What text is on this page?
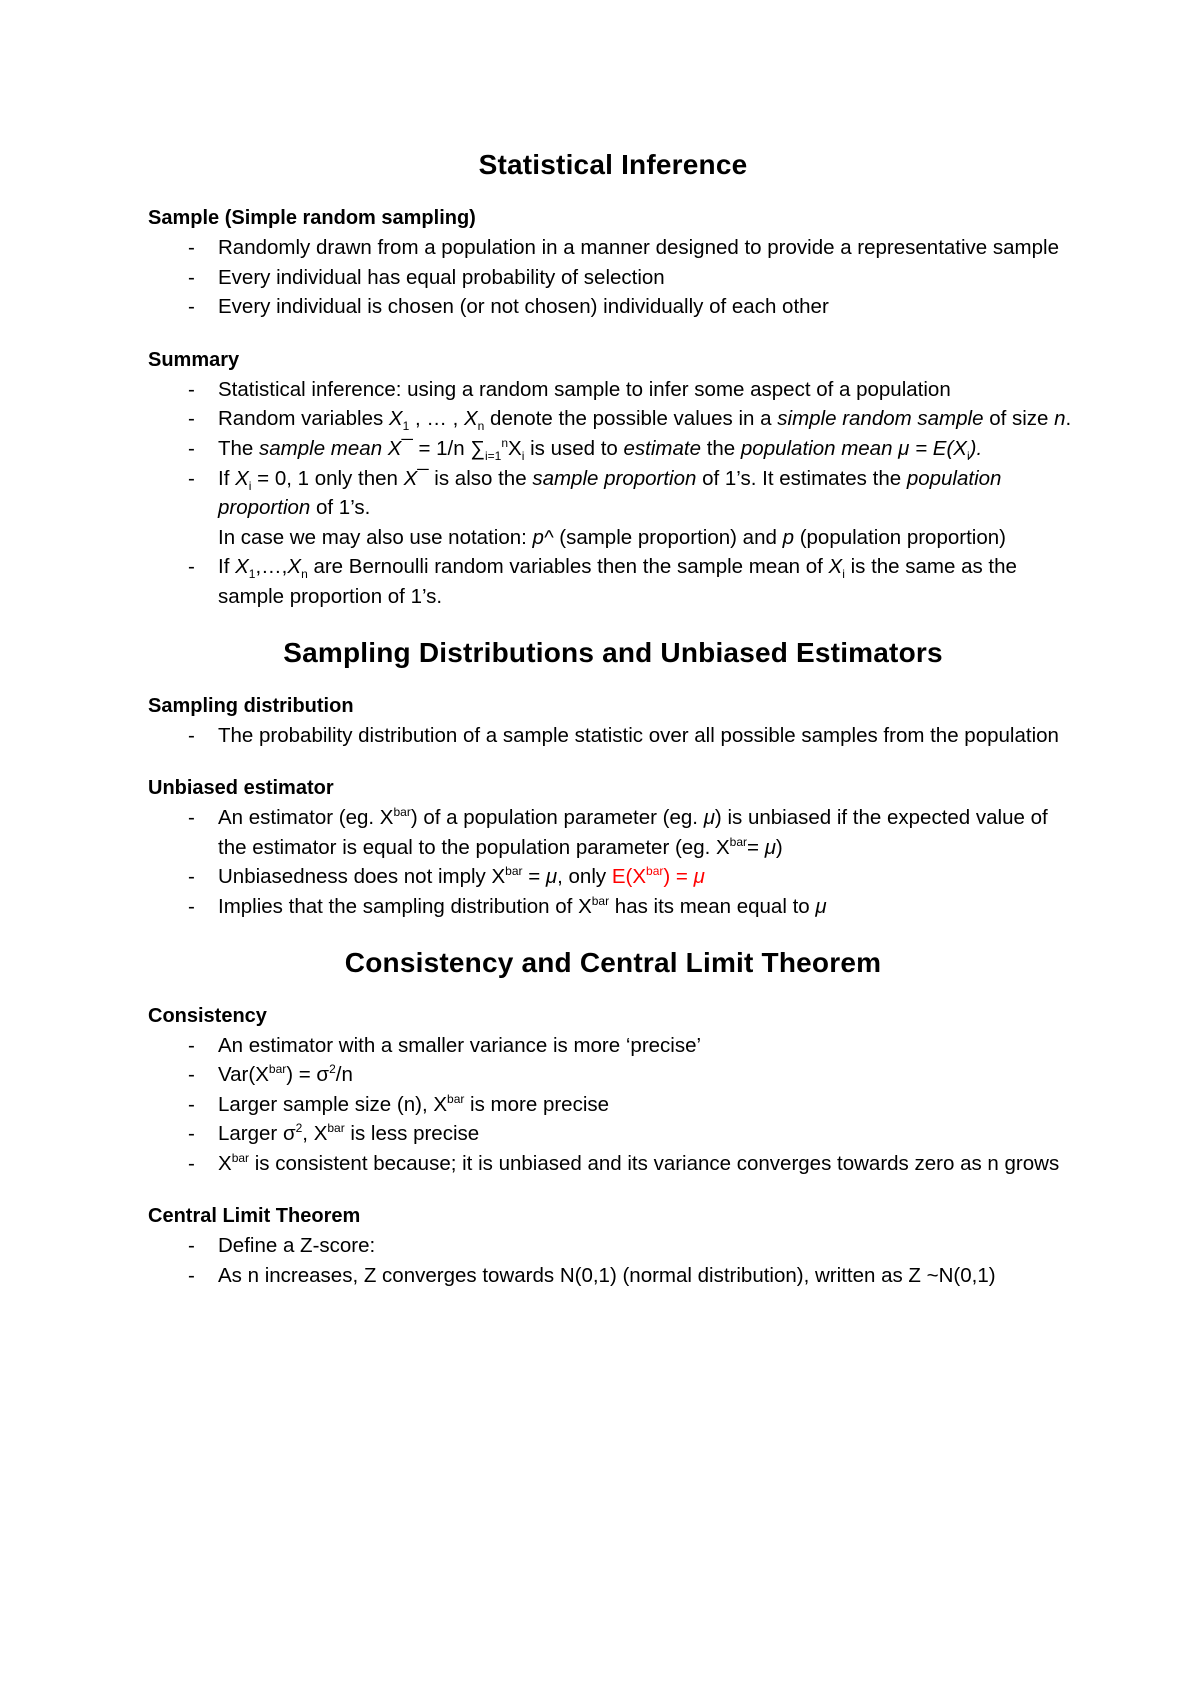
Statistical Inference
Sample (Simple random sampling)
- Randomly drawn from a population in a manner designed to provide a representative sample
- Every individual has equal probability of selection
- Every individual is chosen (or not chosen) individually of each other
Summary
- Statistical inference: using a random sample to infer some aspect of a population
- Random variables $X_1$ , … , $X_n$ denote the possible values in a simple random sample of size n.
- The sample mean X¯ = 1/n $\sum_{i=1}^nX_i$ is used to estimate the population mean $\mu = E(X_i)$.
- If $X_i = 0$, 1 only then X¯ is also the sample proportion of 1’s. It estimates the population proportion of 1’s.
In case we may also use notation: p^ (sample proportion) and p (population proportion)
- If $X_1,\dots,X_n$ are Bernoulli random variables then the sample mean of $X_i$ is the same as the sample proportion of 1’s.
Sampling Distributions and Unbiased Estimators
Sampling distribution
- The probability distribution of a sample statistic over all possible samples from the population
Unbiased estimator
- An estimator (eg. $X^{bar}$) of a population parameter (eg. μ) is unbiased if the expected value of the estimator is equal to the population parameter (eg. $X^{bar}= \mu$)
- Unbiasedness does not imply $X^{bar} = \mu$, only $E(X^{bar}) = \mu$
- Implies that the sampling distribution of $X^{bar}$ has its mean equal to μ
Consistency and Central Limit Theorem
Consistency
- An estimator with a smaller variance is more ‘precise’
- $Var(X^{bar}) = \sigma^2/n$
- Larger sample size (n), $X^{bar}$ is more precise
- Larger $\sigma^2$, $X^{bar}$ is less precise
- $X^{bar}$ is consistent because; it is unbiased and its variance converges towards zero as n grows
Central Limit Theorem
- Define a Z-score:
- As n increases, Z converges towards N(0,1) (normal distribution), written as Z ~N(0,1)
